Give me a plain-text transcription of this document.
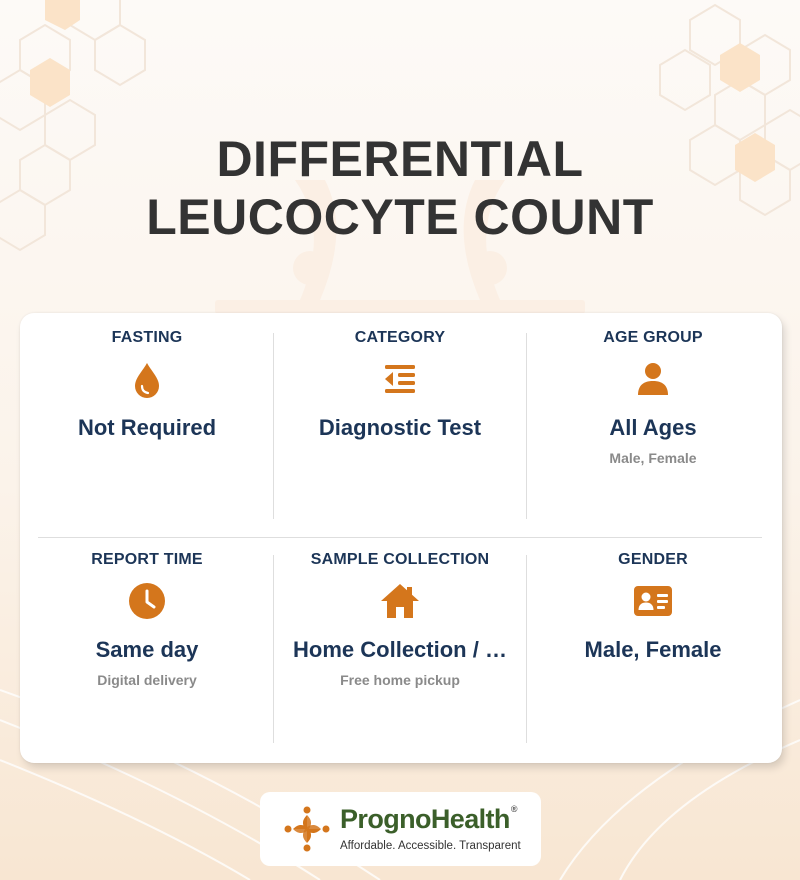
DIFFERENTIAL
LEUCOCYTE COUNT
FASTING
Not Required
CATEGORY
Diagnostic Test
AGE GROUP
All Ages
Male, Female
REPORT TIME
Same day
Digital delivery
SAMPLE COLLECTION
Home Collection / …
Free home pickup
GENDER
Male, Female
PrognoHealth®
Affordable. Accessible. Transparent
